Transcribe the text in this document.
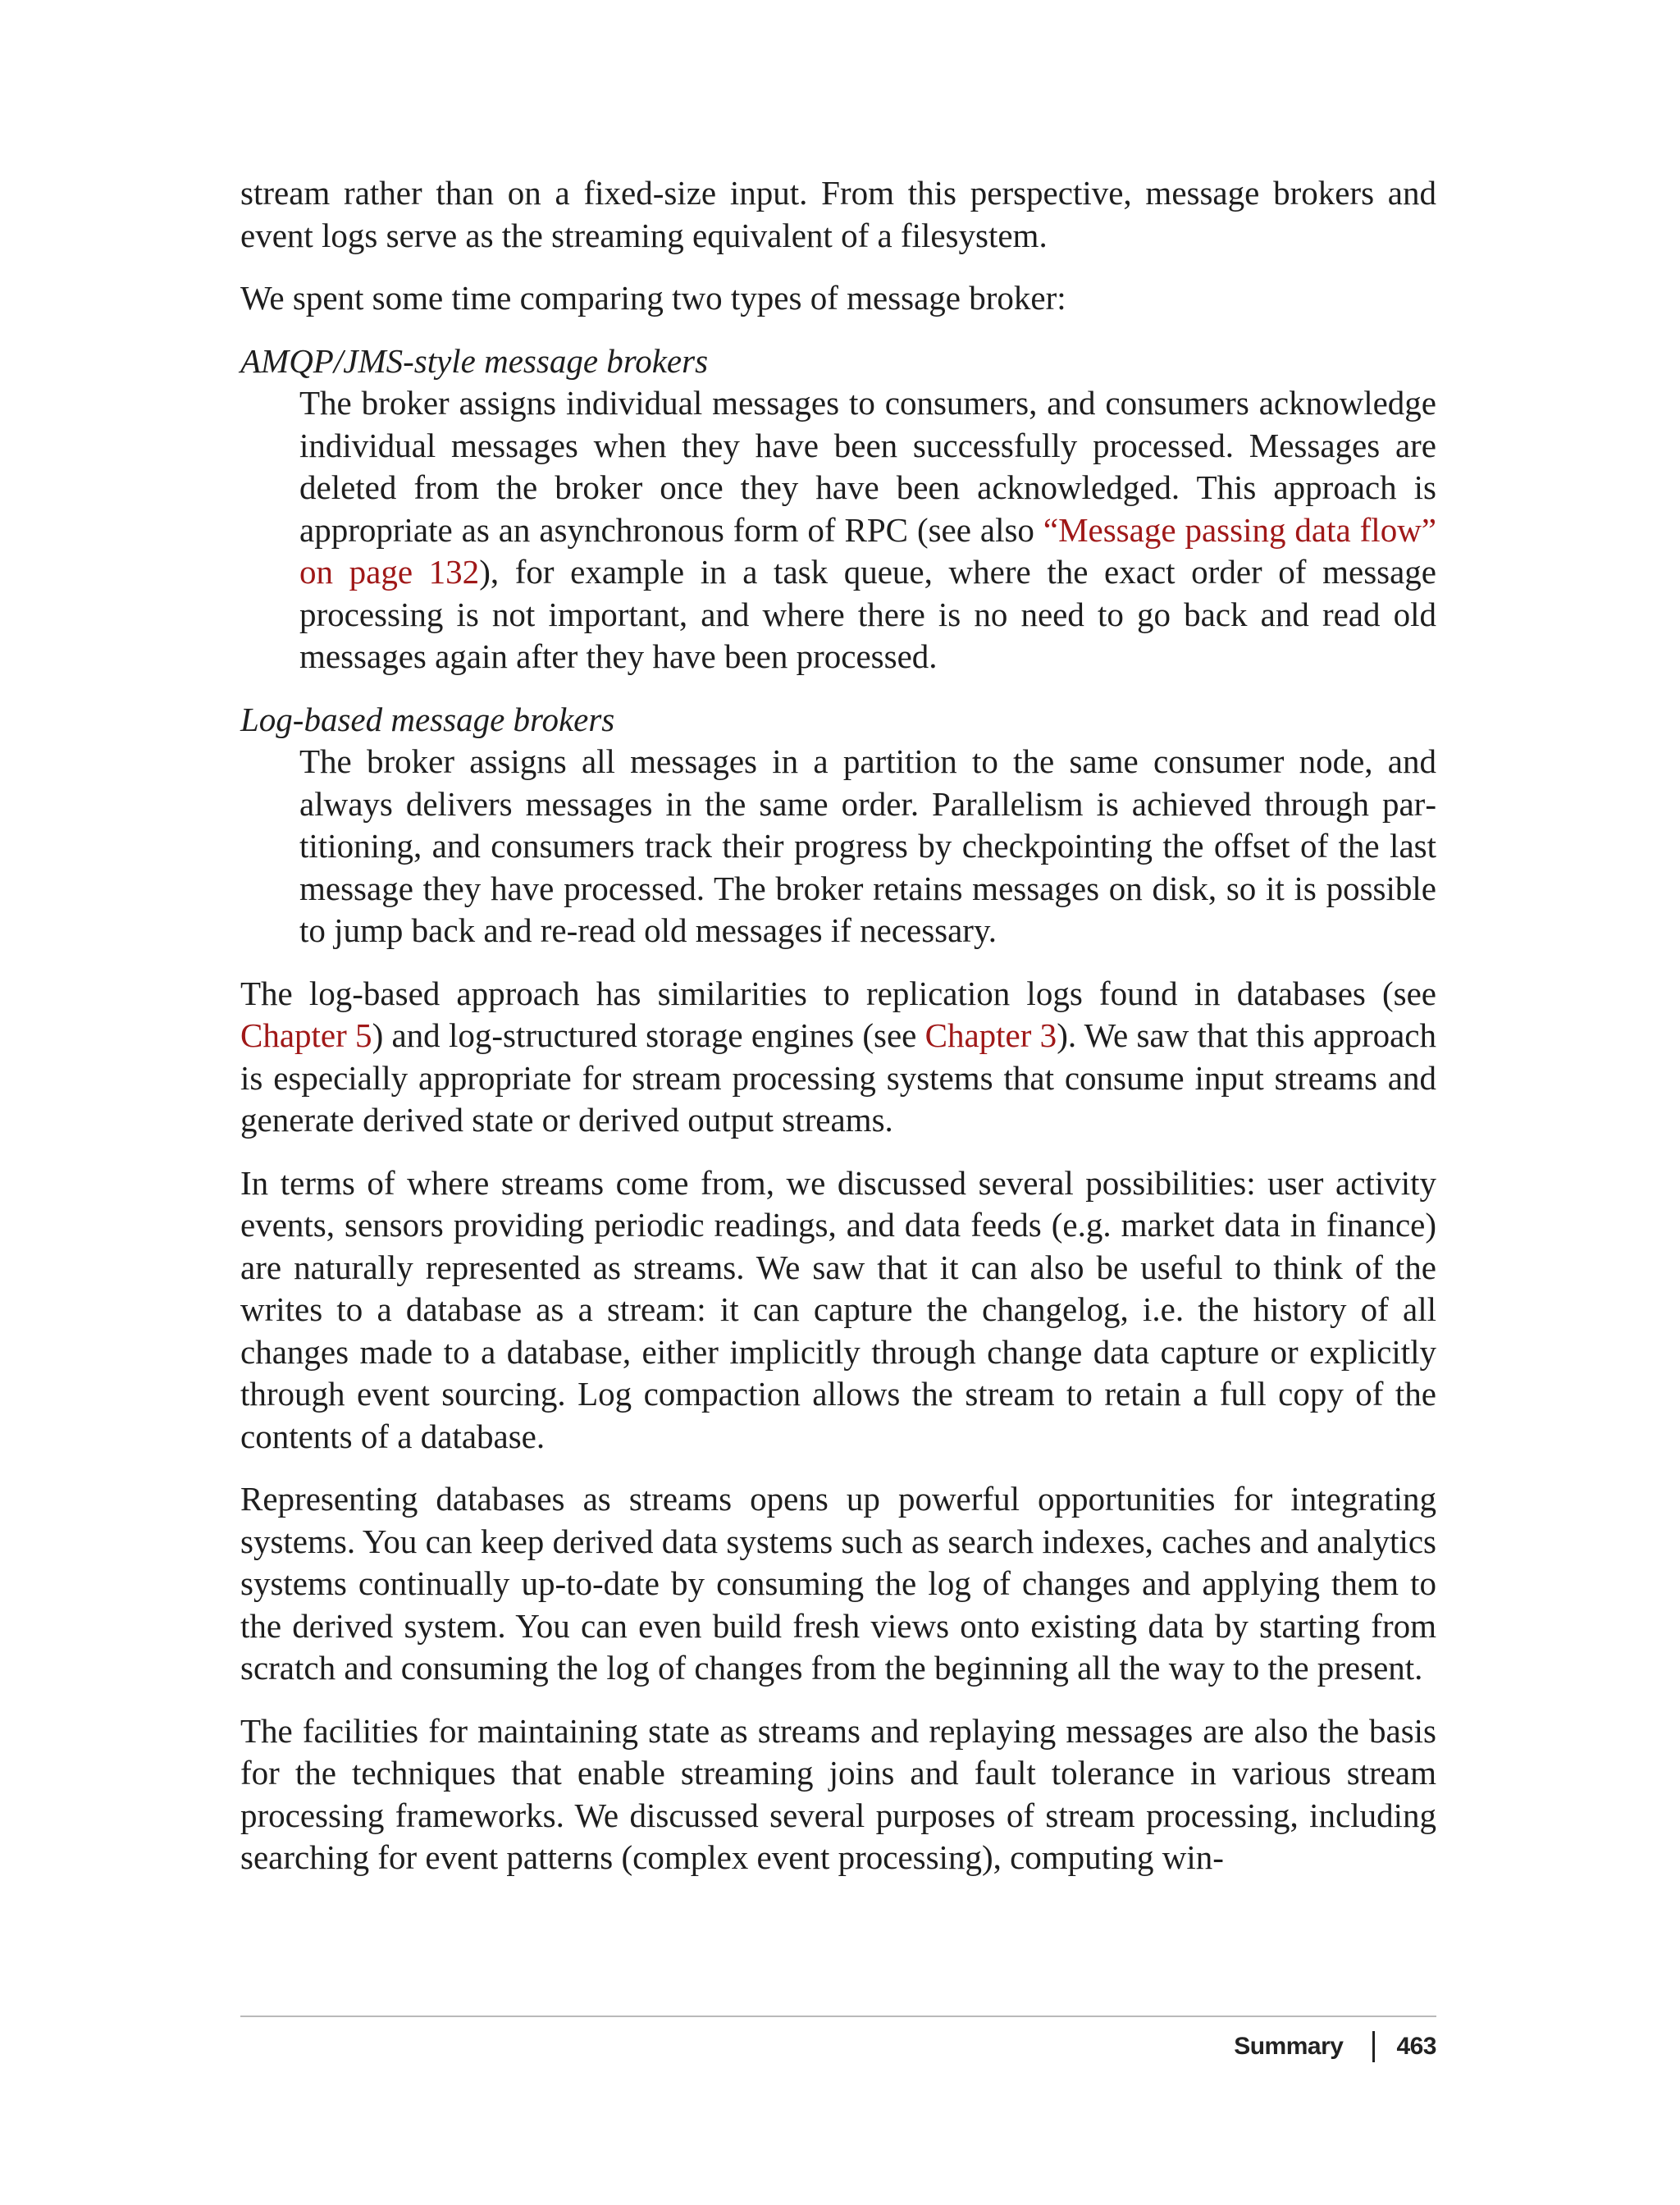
stream rather than on a fixed-size input. From this perspective, message brokers and event logs serve as the streaming equivalent of a filesystem.

We spent some time comparing two types of message broker:

AMQP/JMS-style message brokers
The broker assigns individual messages to consumers, and consumers acknowledge individual messages when they have been successfully processed. Messages are deleted from the broker once they have been acknowledged. This approach is appropriate as an asynchronous form of RPC (see also “Message passing data flow” on page 132), for example in a task queue, where the exact order of message processing is not important, and where there is no need to go back and read old messages again after they have been processed.
Log-based message brokers
The broker assigns all messages in a partition to the same consumer node, and always delivers messages in the same order. Parallelism is achieved through partitioning, and consumers track their progress by checkpointing the offset of the last message they have processed. The broker retains messages on disk, so it is possible to jump back and re-read old messages if necessary.

The log-based approach has similarities to replication logs found in databases (see Chapter 5) and log-structured storage engines (see Chapter 3). We saw that this approach is especially appropriate for stream processing systems that consume input streams and generate derived state or derived output streams.

In terms of where streams come from, we discussed several possibilities: user activity events, sensors providing periodic readings, and data feeds (e.g. market data in finance) are naturally represented as streams. We saw that it can also be useful to think of the writes to a database as a stream: it can capture the changelog, i.e. the history of all changes made to a database, either implicitly through change data capture or explicitly through event sourcing. Log compaction allows the stream to retain a full copy of the contents of a database.

Representing databases as streams opens up powerful opportunities for integrating systems. You can keep derived data systems such as search indexes, caches and analytics systems continually up-to-date by consuming the log of changes and applying them to the derived system. You can even build fresh views onto existing data by starting from scratch and consuming the log of changes from the beginning all the way to the present.

The facilities for maintaining state as streams and replaying messages are also the basis for the techniques that enable streaming joins and fault tolerance in various stream processing frameworks. We discussed several purposes of stream processing, including searching for event patterns (complex event processing), computing win-

Summary 463
